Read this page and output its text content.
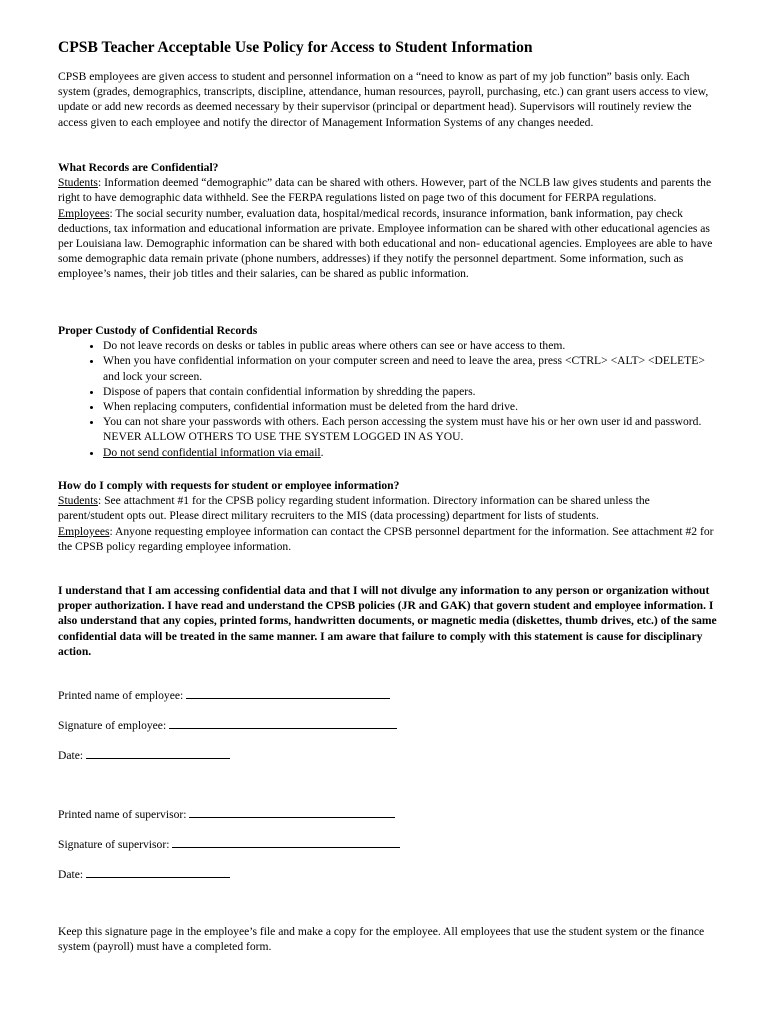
CPSB Teacher Acceptable Use Policy for Access to Student Information

CPSB employees are given access to student and personnel information on a “need to know as part of my job function” basis only. Each system (grades, demographics, transcripts, discipline, attendance, human resources, payroll, purchasing, etc.) can grant users access to view, update or add new records as deemed necessary by their supervisor (principal or department head). Supervisors will routinely review the access given to each employee and notify the director of Management Information Systems of any changes needed.

What Records are Confidential?

Students: Information deemed “demographic” data can be shared with others. However, part of the NCLB law gives students and parents the right to have demographic data withheld. See the FERPA regulations listed on page two of this document for FERPA regulations.

Employees: The social security number, evaluation data, hospital/medical records, insurance information, bank information, pay check deductions, tax information and educational information are private. Employee information can be shared with other educational agencies as per Louisiana law. Demographic information can be shared with both educational and non- educational agencies. Employees are able to have some demographic data remain private (phone numbers, addresses) if they notify the personnel department. Some information, such as employee’s names, their job titles and their salaries, can be shared as public information.

Proper Custody of Confidential Records

• Do not leave records on desks or tables in public areas where others can see or have access to them.
• When you have confidential information on your computer screen and need to leave the area, press <CTRL> <ALT> <DELETE> and lock your screen.
• Dispose of papers that contain confidential information by shredding the papers.
• When replacing computers, confidential information must be deleted from the hard drive.
• You can not share your passwords with others. Each person accessing the system must have his or her own user id and password. NEVER ALLOW OTHERS TO USE THE SYSTEM LOGGED IN AS YOU.
• Do not send confidential information via email.

How do I comply with requests for student or employee information?

Students: See attachment #1 for the CPSB policy regarding student information. Directory information can be shared unless the parent/student opts out. Please direct military recruiters to the MIS (data processing) department for lists of students.

Employees: Anyone requesting employee information can contact the CPSB personnel department for the information. See attachment #2 for the CPSB policy regarding employee information.

I understand that I am accessing confidential data and that I will not divulge any information to any person or organization without proper authorization. I have read and understand the CPSB policies (JR and GAK) that govern student and employee information. I also understand that any copies, printed forms, handwritten documents, or magnetic media (diskettes, thumb drives, etc.) of the same confidential data will be treated in the same manner. I am aware that failure to comply with this statement is cause for disciplinary action.

Printed name of employee:
Signature of employee:
Date:
Printed name of supervisor:
Signature of supervisor:
Date:

Keep this signature page in the employee’s file and make a copy for the employee. All employees that use the student system or the finance system (payroll) must have a completed form.
